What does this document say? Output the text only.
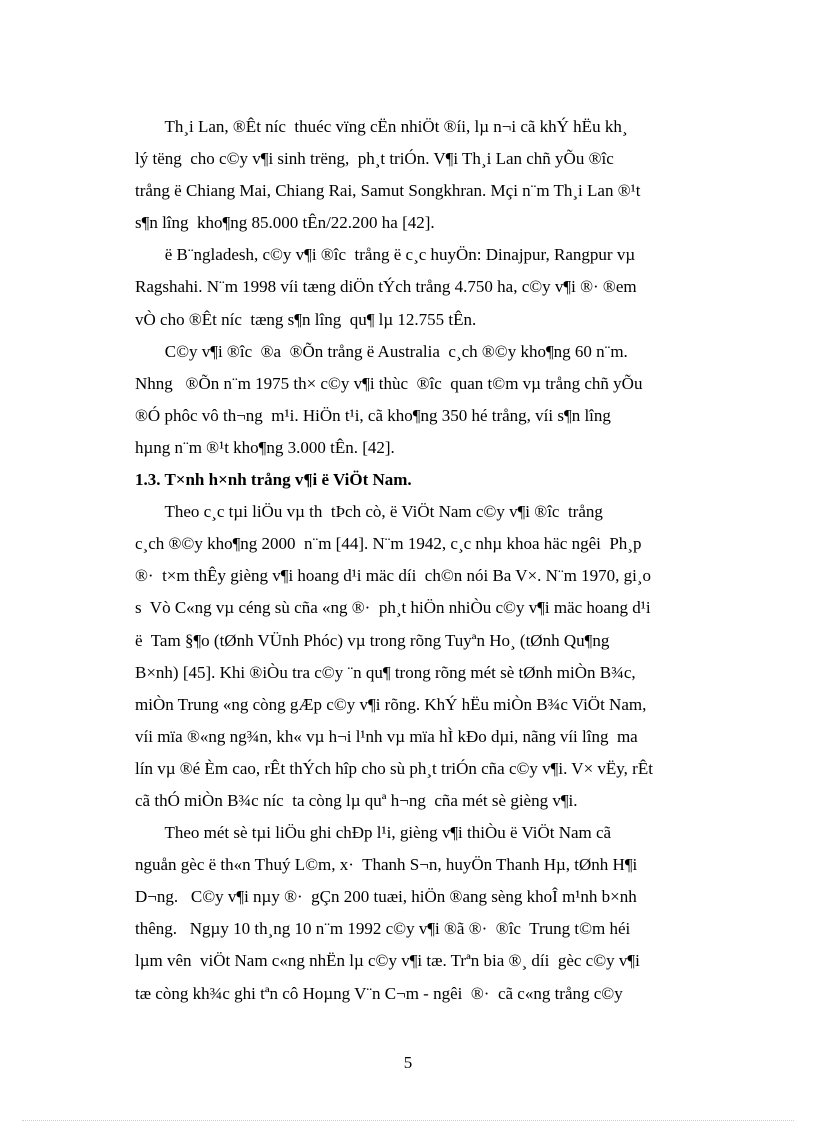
Th¸i Lan, ®Êt níc  thuéc vïng cËn nhiÖt ®íi, lµ n¬i cã khÝ hËu kh¸
lý tëng  cho c©y v¶i sinh trëng,  ph¸t triÓn. V¶i Th¸i Lan chñ yÕu ®îc
trång ë Chiang Mai, Chiang Rai, Samut Songkhran. Mçi n¨m Th¸i Lan ®¹t
s¶n lîng  kho¶ng 85.000 tÊn/22.200 ha [42].
ë B¨ngladesh, c©y v¶i ®îc  trång ë c¸c huyÖn: Dinajpur, Rangpur vµ
Ragshahi. N¨m 1998 víi tæng diÖn tÝch trång 4.750 ha, c©y v¶i ®· ®em
vÒ cho ®Êt níc  tæng s¶n lîng  qu¶ lµ 12.755 tÊn.
C©y v¶i ®îc  ®a  ®Õn trång ë Australia  c¸ch ®©y kho¶ng 60 n¨m.
Nhng   ®Õn n¨m 1975 th× c©y v¶i thùc  ®îc  quan t©m vµ trång chñ yÕu
®Ó phôc vô th¬ng  m¹i. HiÖn t¹i, cã kho¶ng 350 hé trång, víi s¶n lîng
hµng n¨m ®¹t kho¶ng 3.000 tÊn. [42].
1.3. T×nh h×nh trång v¶i ë ViÖt Nam.
Theo c¸c tµi liÖu vµ th  tÞch cò, ë ViÖt Nam c©y v¶i ®îc  trång
c¸ch ®©y kho¶ng 2000  n¨m [44]. N¨m 1942, c¸c nhµ khoa häc ngêi  Ph¸p
®·  t×m thÊy gièng v¶i hoang d¹i mäc díi  ch©n nói Ba V×. N¨m 1970, gi¸o
s  Vò C«ng vµ céng sù cña «ng ®·  ph¸t hiÖn nhiÒu c©y v¶i mäc hoang d¹i
ë  Tam §¶o (tØnh VÜnh Phóc) vµ trong rõng Tuyªn Ho¸ (tØnh Qu¶ng
B×nh) [45]. Khi ®iÒu tra c©y ¨n qu¶ trong rõng mét sè tØnh miÒn B¾c,
miÒn Trung «ng còng gÆp c©y v¶i rõng. KhÝ hËu miÒn B¾c ViÖt Nam,
víi mïa ®«ng ng¾n, kh« vµ h¬i l¹nh vµ mïa hÌ kÐo dµi, nãng víi lîng  ma
lín vµ ®é Èm cao, rÊt thÝch hîp cho sù ph¸t triÓn cña c©y v¶i. V× vËy, rÊt
cã thÓ miÒn B¾c níc  ta còng lµ quª h¬ng  cña mét sè gièng v¶i.
Theo mét sè tµi liÖu ghi chÐp l¹i, gièng v¶i thiÒu ë ViÖt Nam cã
nguån gèc ë th«n Thuý L©m, x·  Thanh S¬n, huyÖn Thanh Hµ, tØnh H¶i
D¬ng.   C©y v¶i nµy ®·  gÇn 200 tuæi, hiÖn ®ang sèng khoÎ m¹nh b×nh
thêng.   Ngµy 10 th¸ng 10 n¨m 1992 c©y v¶i ®ã ®·  ®îc  Trung t©m héi
lµm vên  viÖt Nam c«ng nhËn lµ c©y v¶i tæ. Trªn bia ®¸ díi  gèc c©y v¶i
tæ còng kh¾c ghi tªn cô Hoµng V¨n C¬m - ngêi  ®·  cã c«ng trång c©y
5
